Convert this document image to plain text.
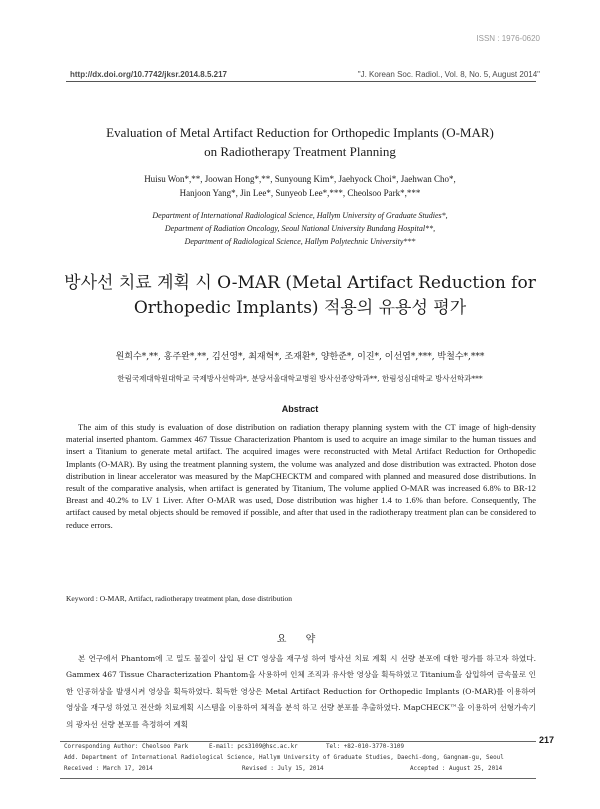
ISSN : 1976-0620
http://dx.doi.org/10.7742/jksr.2014.8.5.217	"J. Korean Soc. Radiol., Vol. 8, No. 5, August 2014"
Evaluation of Metal Artifact Reduction for Orthopedic Implants (O-MAR)
on Radiotherapy Treatment Planning
Huisu Won*,**, Joowan Hong*,**, Sunyoung Kim*, Jaehyock Choi*, Jaehwan Cho*,
Hanjoon Yang*, Jin Lee*, Sunyeob Lee*,***, Cheolsoo Park*,***
Department of International Radiological Science, Hallym University of Graduate Studies*,
Department of Radiation Oncology, Seoul National University Bundang Hospital**,
Department of Radiological Science, Hallym Polytechnic University***
방사선 치료 계획 시 O-MAR (Metal Artifact Reduction for
Orthopedic Implants) 적용의 유용성 평가
원희수*,**, 홍주완*,**, 김선영*, 최재혁*, 조재환*, 양한준*, 이진*, 이선엽*,***, 박철수*,***
한림국제대학원대학교 국제방사선학과*, 분당서울대학교병원 방사선종양학과**, 한림성심대학교 방사선학과***
Abstract
The aim of this study is evaluation of dose distribution on radiation therapy planning system with the CT image of high-density material inserted phantom. Gammex 467 Tissue Characterization Phantom is used to acquire an image similar to the human tissues and insert a Titanium to generate metal artifact. The acquired images were reconstructed with Metal Artifact Reduction for Orthopedic Implants (O-MAR). By using the treatment planning system, the volume was analyzed and dose distribution was extracted. Photon dose distribution in linear accelerator was measured by the MapCHECKTM and compared with planned and measured dose distributions. In result of the comparative analysis, when artifact is generated by Titanium, The volume applied O-MAR was increased 6.8% to BR-12 Breast and 40.2% to LV 1 Liver. After O-MAR was used, Dose distribution was higher 1.4 to 1.6% than before. Consequently, The artifact caused by metal objects should be removed if possible, and after that used in the radiotherapy treatment plan can be considered to reduce errors.
Keyword : O-MAR, Artifact, radiotherapy treatment plan, dose distribution
요 약
본 연구에서 Phantom에 고 밀도 물질이 삽입 된 CT 영상을 재구성 하여 방사선 치료 계획 시 선량 분포에 대한 평가를 하고자 하였다. Gammex 467 Tissue Characterization Phantom을 사용하여 인체 조직과 유사한 영상을 획득하였고 Titanium을 삽입하여 금속물로 인한 인공허상을 발생시켜 영상을 획득하였다. 획득한 영상은 Metal Artifact Reduction for Orthopedic Implants (O-MAR)를 이용하여 영상을 재구성 하였고 전산화 치료계획 시스템을 이용하여 체적을 분석 하고 선량 분포를 추출하였다. MapCHECK™을 이용하여 선형가속기의 광자선 선량 분포를 측정하여 계획
217
Corresponding Author: Cheolsoo Park	E-mail: pcs3109@hsc.ac.kr	Tel: +82-010-3770-3109
Add. Department of International Radiological Science, Hallym University of Graduate Studies, Daechi-dong, Gangnam-gu, Seoul
Received : March 17, 2014	Revised : July 15, 2014	Accepted : August 25, 2014
